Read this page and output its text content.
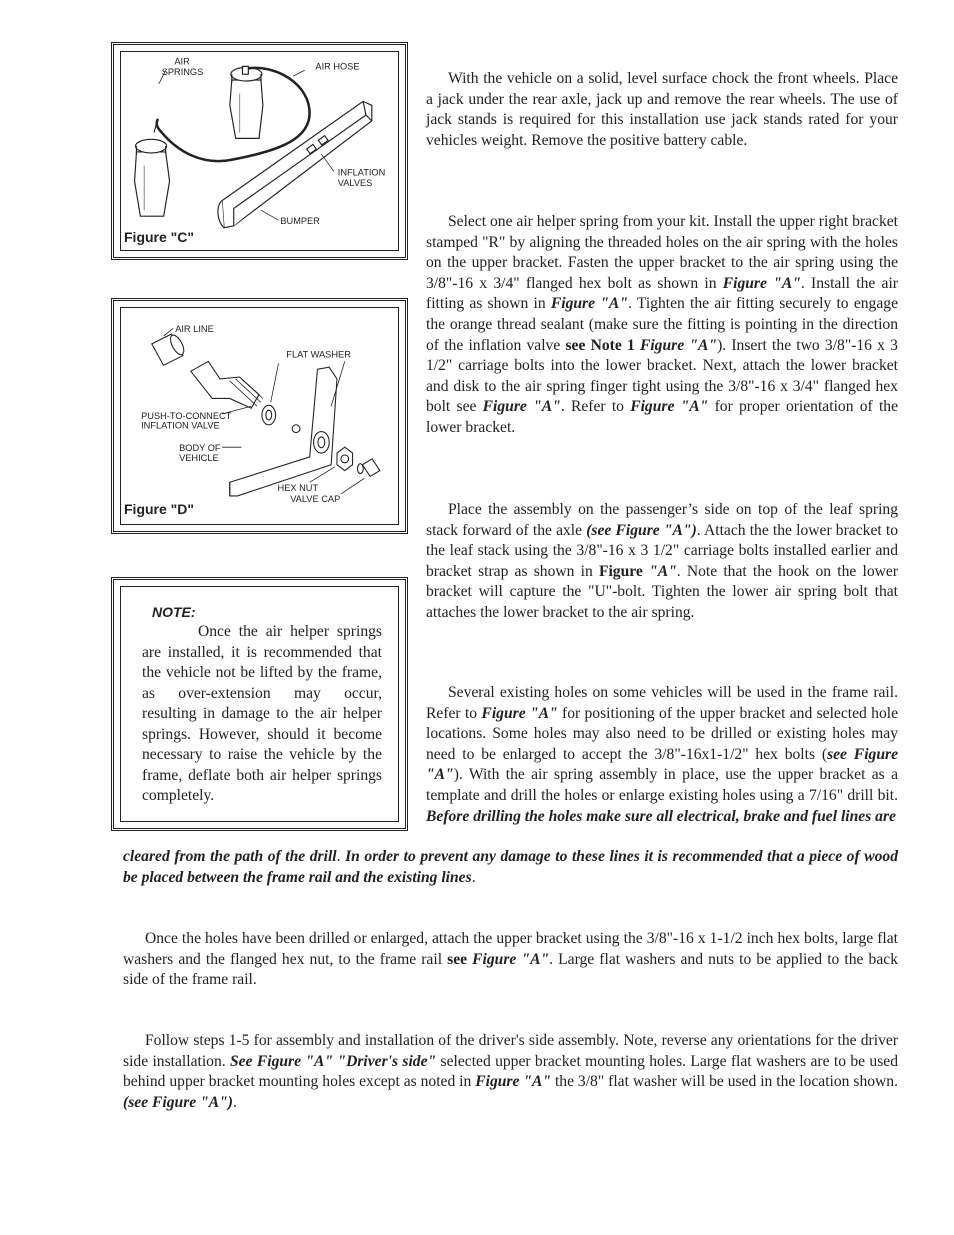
AIR
SPRINGS
AIR HOSE
INFLATION
VALVES
BUMPER
Figure "C"
AIR LINE
FLAT WASHER
PUSH-TO-CONNECT
INFLATION VALVE
BODY OF
VEHICLE
HEX NUT
VALVE CAP
Figure "D"
NOTE:
Once the air helper springs are installed, it is recommended that the vehicle not be lifted by the frame, as over-extension may occur, resulting in damage to the air helper springs. However, should it become necessary to raise the vehicle by the frame, deflate both air helper springs completely.

With the vehicle on a solid, level surface chock the front wheels. Place a jack under the rear axle, jack up and remove the rear wheels. The use of jack stands is required for this installation use jack stands rated for your vehicles weight. Remove the positive battery cable.

Select one air helper spring from your kit. Install the upper right bracket stamped "R" by aligning the threaded holes on the air spring with the holes on the upper bracket. Fasten the upper bracket to the air spring using the 3/8"-16 x 3/4" flanged hex bolt as shown in Figure "A". Install the air fitting as shown in Figure "A". Tighten the air fitting securely to engage the orange thread sealant (make sure the fitting is pointing in the direction of the inflation valve see Note 1 Figure "A"). Insert the two 3/8"-16 x 3 1/2" carriage bolts into the lower bracket. Next, attach the lower bracket and disk to the air spring finger tight using the 3/8"-16 x 3/4" flanged hex bolt see Figure "A". Refer to Figure "A" for proper orientation of the lower bracket.

Place the assembly on the passenger’s side on top of the leaf spring stack forward of the axle (see Figure "A"). Attach the the lower bracket to the leaf stack using the 3/8"-16 x 3 1/2" carriage bolts installed earlier and bracket strap as shown in Figure "A". Note that the hook on the lower bracket will capture the "U"-bolt. Tighten the lower air spring bolt that attaches the lower bracket to the air spring.

Several existing holes on some vehicles will be used in the frame rail. Refer to Figure "A" for positioning of the upper bracket and selected hole locations. Some holes may also need to be drilled or existing holes may need to be enlarged to accept the 3/8"-16x1-1/2" hex bolts (see Figure "A"). With the air spring assembly in place, use the upper bracket as a template and drill the holes or enlarge existing holes using a 7/16" drill bit. Before drilling the holes make sure all electrical, brake and fuel lines are

cleared from the path of the drill. In order to prevent any damage to these lines it is recommended that a piece of wood be placed between the frame rail and the existing lines.

Once the holes have been drilled or enlarged, attach the upper bracket using the 3/8"-16 x 1-1/2 inch hex bolts, large flat washers and the flanged hex nut, to the frame rail see Figure "A". Large flat washers and nuts to be applied to the back side of the frame rail.

Follow steps 1-5 for assembly and installation of the driver's side assembly. Note, reverse any orientations for the driver side installation. See Figure "A" "Driver's side" selected upper bracket mounting holes. Large flat washers are to be used behind upper bracket mounting holes except as noted in Figure "A" the 3/8" flat washer will be used in the location shown. (see Figure "A").
